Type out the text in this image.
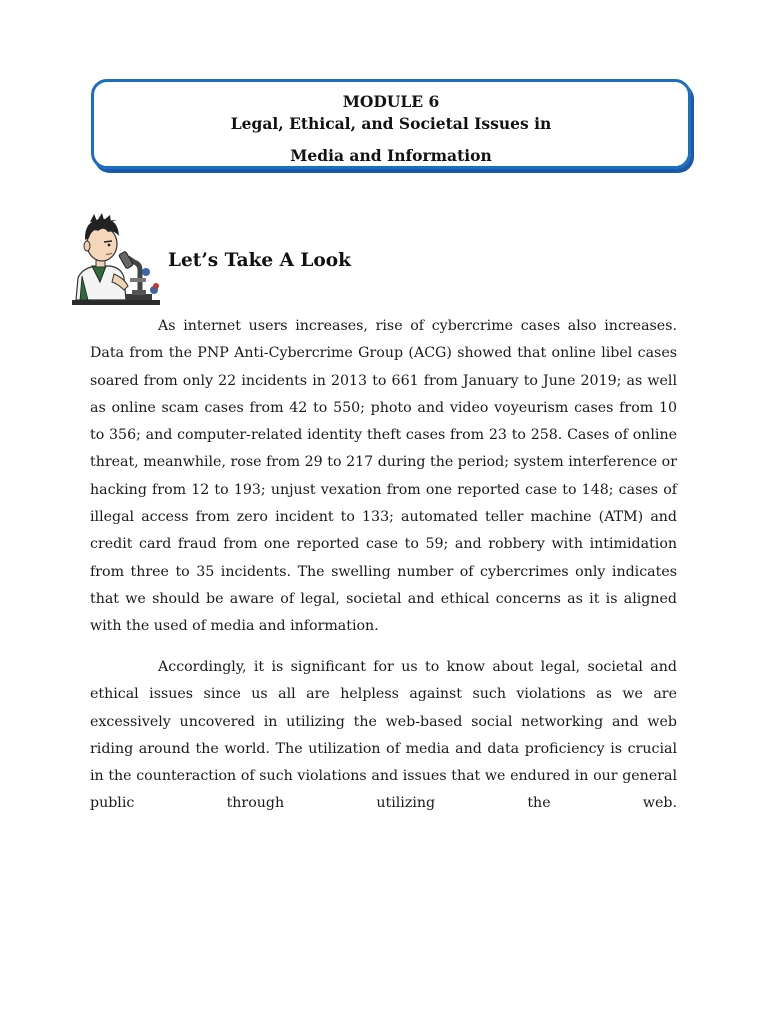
MODULE 6
Legal, Ethical, and Societal Issues in
Media and Information
Let’s Take A Look

As internet users increases, rise of cybercrime cases also increases. Data from the PNP Anti-Cybercrime Group (ACG) showed that online libel cases soared from only 22 incidents in 2013 to 661 from January to June 2019; as well as online scam cases from 42 to 550; photo and video voyeurism cases from 10 to 356; and computer-related identity theft cases from 23 to 258. Cases of online threat, meanwhile, rose from 29 to 217 during the period; system interference or hacking from 12 to 193; unjust vexation from one reported case to 148; cases of illegal access from zero incident to 133; automated teller machine (ATM) and credit card fraud from one reported case to 59; and robbery with intimidation from three to 35 incidents. The swelling number of cybercrimes only indicates that we should be aware of legal, societal and ethical concerns as it is aligned with the used of media and information.

Accordingly, it is significant for us to know about legal, societal and ethical issues since us all are helpless against such violations as we are excessively uncovered in utilizing the web-based social networking and web riding around the world. The utilization of media and data proficiency is crucial in the counteraction of such violations and issues that we endured in our general public through utilizing the web.
